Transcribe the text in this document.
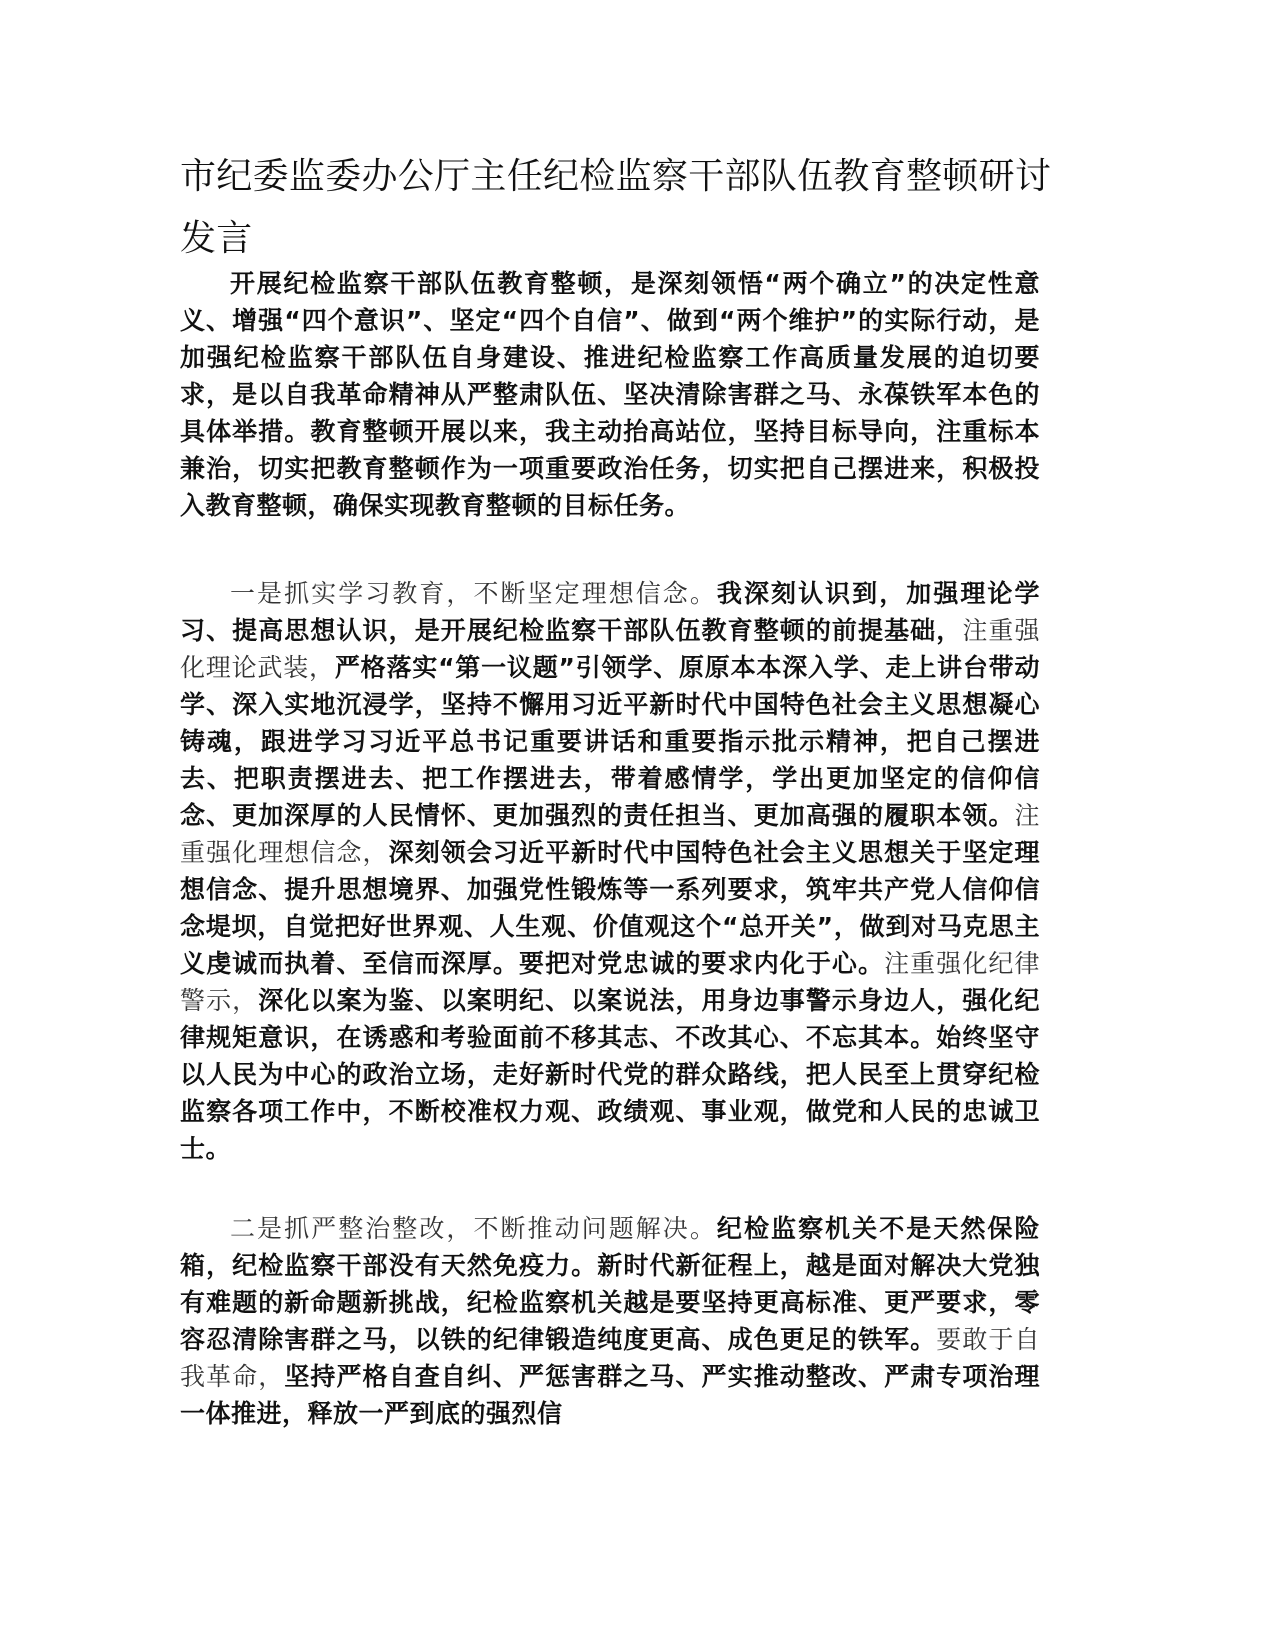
市纪委监委办公厅主任纪检监察干部队伍教育整顿研讨发言

开展纪检监察干部队伍教育整顿，是深刻领悟“两个确立”的决定性意义、增强“四个意识”、坚定“四个自信”、做到“两个维护”的实际行动，是加强纪检监察干部队伍自身建设、推进纪检监察工作高质量发展的迫切要求，是以自我革命精神从严整肃队伍、坚决清除害群之马、永葆铁军本色的具体举措。教育整顿开展以来，我主动抬高站位，坚持目标导向，注重标本兼治，切实把教育整顿作为一项重要政治任务，切实把自己摆进来，积极投入教育整顿，确保实现教育整顿的目标任务。

一是抓实学习教育，不断坚定理想信念。我深刻认识到，加强理论学习、提高思想认识，是开展纪检监察干部队伍教育整顿的前提基础，注重强化理论武装，严格落实“第一议题”引领学、原原本本深入学、走上讲台带动学、深入实地沉浸学，坚持不懈用习近平新时代中国特色社会主义思想凝心铸魂，跟进学习习近平总书记重要讲话和重要指示批示精神，把自己摆进去、把职责摆进去、把工作摆进去，带着感情学，学出更加坚定的信仰信念、更加深厚的人民情怀、更加强烈的责任担当、更加高强的履职本领。注重强化理想信念，深刻领会习近平新时代中国特色社会主义思想关于坚定理想信念、提升思想境界、加强党性锻炼等一系列要求，筑牢共产党人信仰信念堤坝，自觉把好世界观、人生观、价值观这个“总开关”，做到对马克思主义虔诚而执着、至信而深厚。要把对党忠诚的要求内化于心。注重强化纪律警示，深化以案为鉴、以案明纪、以案说法，用身边事警示身边人，强化纪律规矩意识，在诱惑和考验面前不移其志、不改其心、不忘其本。始终坚守以人民为中心的政治立场，走好新时代党的群众路线，把人民至上贯穿纪检监察各项工作中，不断校准权力观、政绩观、事业观，做党和人民的忠诚卫士。

二是抓严整治整改，不断推动问题解决。纪检监察机关不是天然保险箱，纪检监察干部没有天然免疫力。新时代新征程上，越是面对解决大党独有难题的新命题新挑战，纪检监察机关越是要坚持更高标准、更严要求，零容忍清除害群之马，以铁的纪律锻造纯度更高、成色更足的铁军。要敢于自我革命，坚持严格自查自纠、严惩害群之马、严实推动整改、严肃专项治理一体推进，释放一严到底的强烈信
